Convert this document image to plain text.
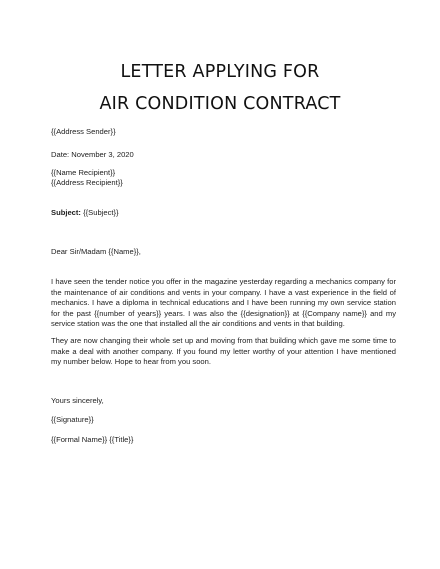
LETTER APPLYING FOR
AIR CONDITION CONTRACT
{{Address Sender}}
Date: November 3, 2020
{{Name Recipient}}
{{Address Recipient}}
Subject: {{Subject}}
Dear Sir/Madam {{Name}},
I have seen the tender notice you offer in the magazine yesterday regarding a mechanics company for the maintenance of air conditions and vents in your company. I have a vast experience in the field of mechanics. I have a diploma in technical educations and I have been running my own service station for the past {{number of years}} years. I was also the {{designation}} at {{Company name}} and my service station was the one that installed all the air conditions and vents in that building.
They are now changing their whole set up and moving from that building which gave me some time to make a deal with another company. If you found my letter worthy of your attention I have mentioned my number below. Hope to hear from you soon.
Yours sincerely,
{{Signature}}
{{Formal Name}} {{Title}}
